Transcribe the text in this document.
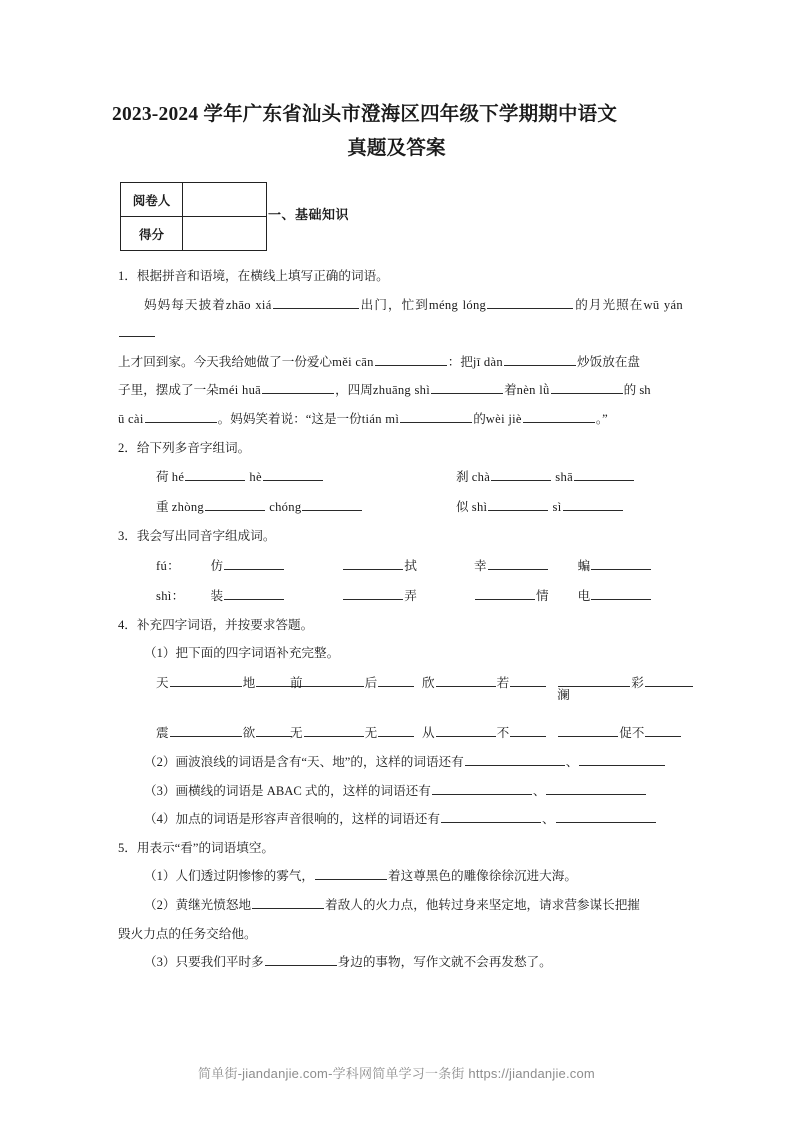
2023-2024 学年广东省汕头市澄海区四年级下学期期中语文
真题及答案
阅卷人	
得分	
一、基础知识

1．根据拼音和语境，在横线上填写正确的词语。

妈妈每天披着zhāo xiá	出门，忙到méng lóng	的月光照在wū yán

上才回到家。今天我给她做了一份爱心měi cān	：把jī dàn	炒饭放在盘

子里，摆成了一朵méi huā	，四周zhuāng shì	着nèn lǜ	的 sh

ū cài	。妈妈笑着说：“这是一份tián mì	的wèi jiè	。”

2．给下列多音字组词。

荷 hé	hè	刹 chà	shā
重 zhòng	chóng	似 shì	sì

3．我会写出同音字组成词。

fú：	仿	拭	幸	蝙
shì：	装	弄	情	电

4．补充四字词语，并按要求答题。

（1）把下面的四字词语补充完整。

天	地	前	后	欣	若	彩
澜
震	欲	无	无	从	不	促不

（2）画波浪线的词语是含有“天、地”的，这样的词语还有	、

（3）画横线的词语是 ABAC 式的，这样的词语还有	、

（4）加点的词语是形容声音很响的，这样的词语还有	、

5．用表示“看”的词语填空。

（1）人们透过阴惨惨的雾气，	着这尊黑色的雕像徐徐沉进大海。

（2）黄继光愤怒地	着敌人的火力点，他转过身来坚定地，请求营参谋长把摧

毁火力点的任务交给他。

（3）只要我们平时多	身边的事物，写作文就不会再发愁了。

简单街-jiandanjie.com-学科网简单学习一条街 https://jiandanjie.com
